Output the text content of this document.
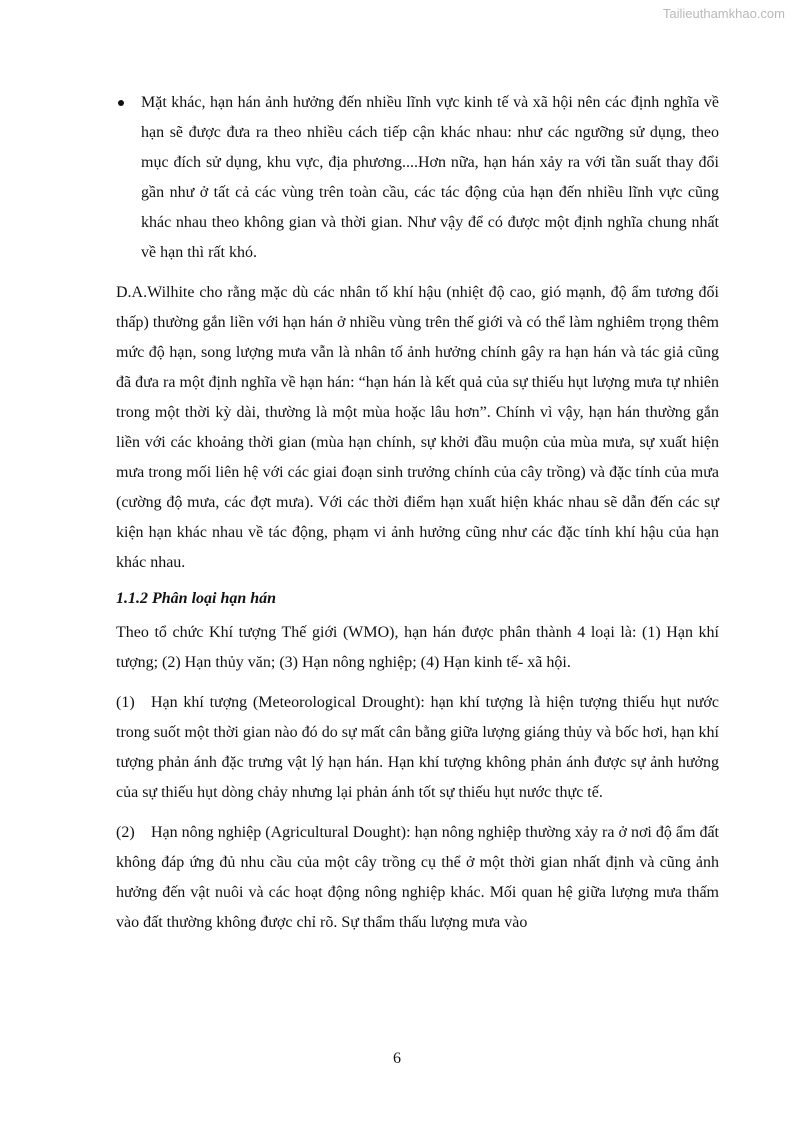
Tailieuthamkhao.com

Mặt khác, hạn hán ảnh hưởng đến nhiều lĩnh vực kinh tế và xã hội nên các định nghĩa về hạn sẽ được đưa ra theo nhiều cách tiếp cận khác nhau: như các ngưỡng sử dụng, theo mục đích sử dụng, khu vực, địa phương....Hơn nữa, hạn hán xảy ra với tần suất thay đổi gần như ở tất cả các vùng trên toàn cầu, các tác động của hạn đến nhiều lĩnh vực cũng khác nhau theo không gian và thời gian. Như vậy để có được một định nghĩa chung nhất về hạn thì rất khó.

D.A.Wilhite cho rằng mặc dù các nhân tố khí hậu (nhiệt độ cao, gió mạnh, độ ẩm tương đối thấp) thường gắn liền với hạn hán ở nhiều vùng trên thế giới và có thể làm nghiêm trọng thêm mức độ hạn, song lượng mưa vẫn là nhân tố ảnh hưởng chính gây ra hạn hán và tác giả cũng đã đưa ra một định nghĩa về hạn hán: “hạn hán là kết quả của sự thiếu hụt lượng mưa tự nhiên trong một thời kỳ dài, thường là một mùa hoặc lâu hơn”. Chính vì vậy, hạn hán thường gắn liền với các khoảng thời gian (mùa hạn chính, sự khởi đầu muộn của mùa mưa, sự xuất hiện mưa trong mối liên hệ với các giai đoạn sinh trưởng chính của cây trồng) và đặc tính của mưa (cường độ mưa, các đợt mưa). Với các thời điểm hạn xuất hiện khác nhau sẽ dẫn đến các sự kiện hạn khác nhau về tác động, phạm vi ảnh hưởng cũng như các đặc tính khí hậu của hạn khác nhau.

1.1.2 Phân loại hạn hán

Theo tổ chức Khí tượng Thế giới (WMO), hạn hán được phân thành 4 loại là: (1) Hạn khí tượng; (2) Hạn thủy văn; (3) Hạn nông nghiệp; (4) Hạn kinh tế- xã hội.

(1) Hạn khí tượng (Meteorological Drought): hạn khí tượng là hiện tượng thiếu hụt nước trong suốt một thời gian nào đó do sự mất cân bằng giữa lượng giáng thủy và bốc hơi, hạn khí tượng phản ánh đặc trưng vật lý hạn hán. Hạn khí tượng không phản ánh được sự ảnh hưởng của sự thiếu hụt dòng chảy nhưng lại phản ánh tốt sự thiếu hụt nước thực tế.

(2) Hạn nông nghiệp (Agricultural Dought): hạn nông nghiệp thường xảy ra ở nơi độ ẩm đất không đáp ứng đủ nhu cầu của một cây trồng cụ thể ở một thời gian nhất định và cũng ảnh hưởng đến vật nuôi và các hoạt động nông nghiệp khác. Mối quan hệ giữa lượng mưa thấm vào đất thường không được chỉ rõ. Sự thẩm thấu lượng mưa vào

6
